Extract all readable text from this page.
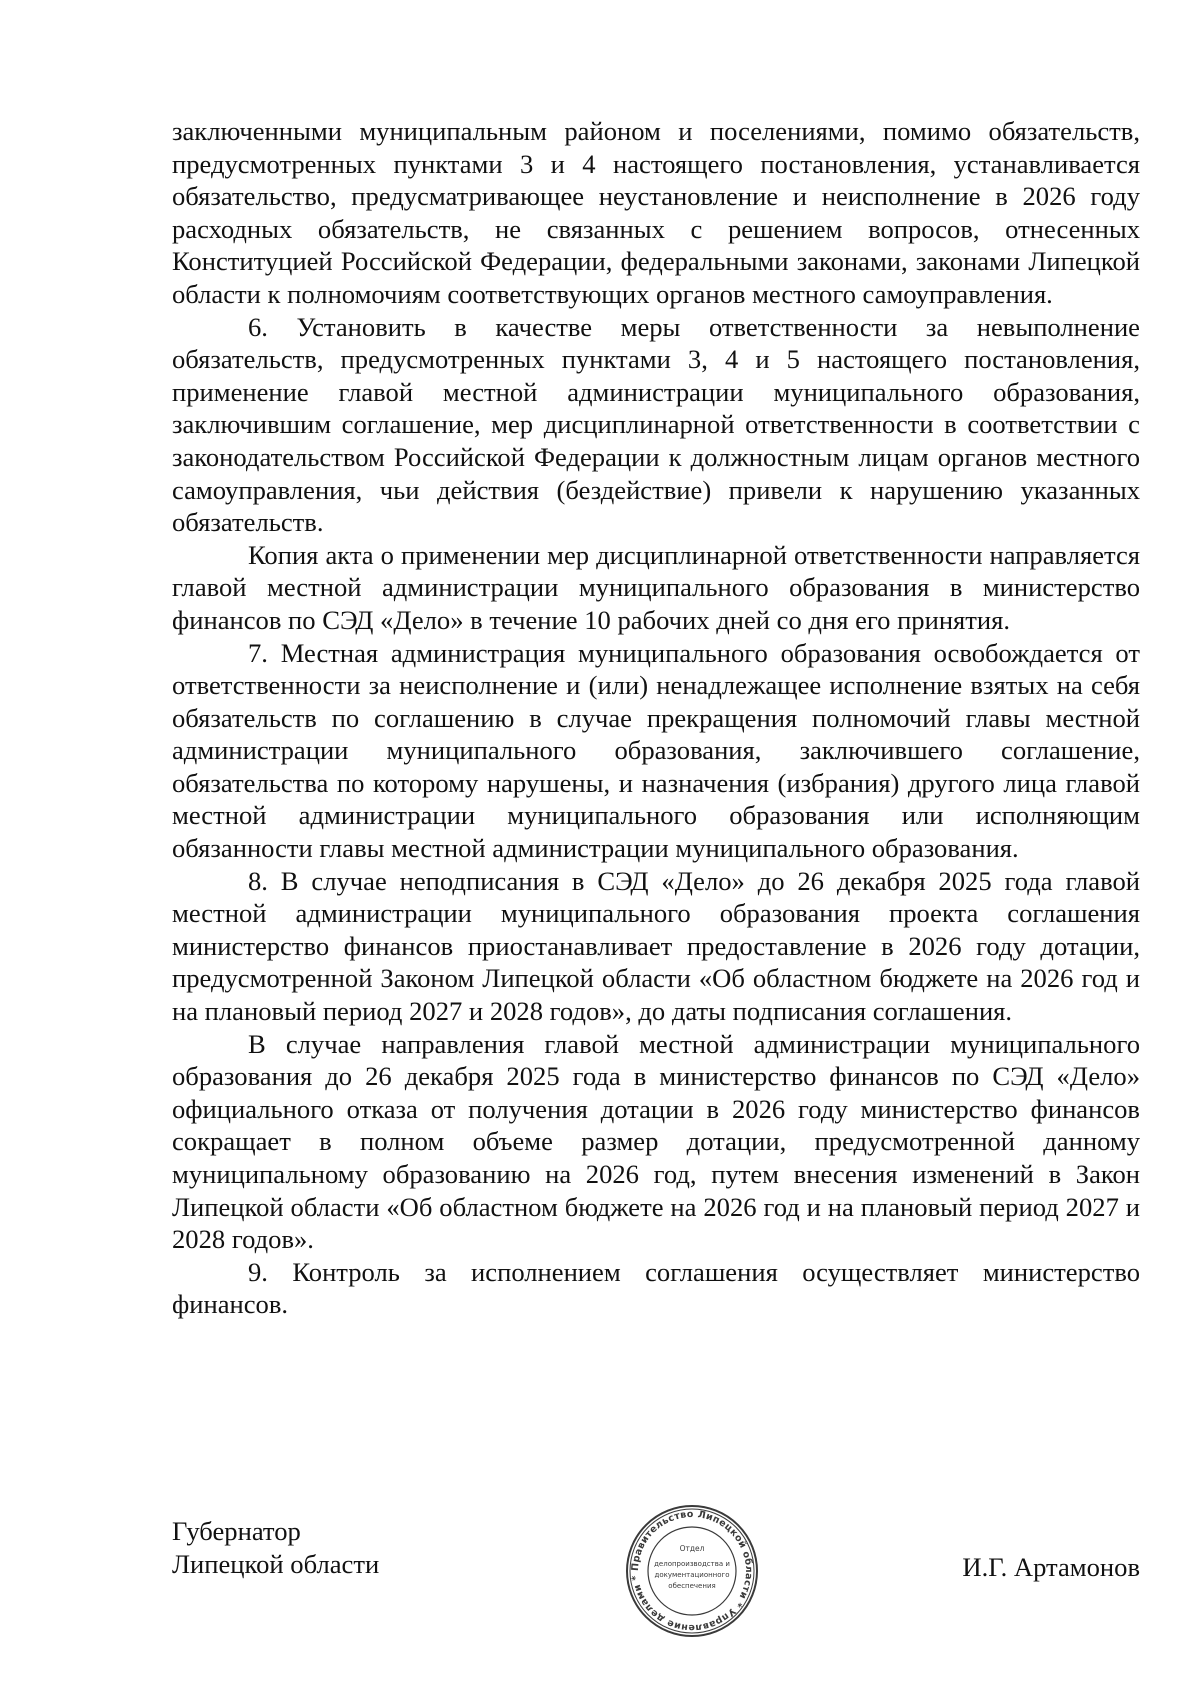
заключенными муниципальным районом и поселениями, помимо обязательств, предусмотренных пунктами 3 и 4 настоящего постановления, устанавливается обязательство, предусматривающее неустановление и неисполнение в 2026 году расходных обязательств, не связанных с решением вопросов, отнесенных Конституцией Российской Федерации, федеральными законами, законами Липецкой области к полномочиям соответствующих органов местного самоуправления.

6. Установить в качестве меры ответственности за невыполнение обязательств, предусмотренных пунктами 3, 4 и 5 настоящего постановления, применение главой местной администрации муниципального образования, заключившим соглашение, мер дисциплинарной ответственности в соответствии с законодательством Российской Федерации к должностным лицам органов местного самоуправления, чьи действия (бездействие) привели к нарушению указанных обязательств.

Копия акта о применении мер дисциплинарной ответственности направляется главой местной администрации муниципального образования в министерство финансов по СЭД «Дело» в течение 10 рабочих дней со дня его принятия.

7. Местная администрация муниципального образования освобождается от ответственности за неисполнение и (или) ненадлежащее исполнение взятых на себя обязательств по соглашению в случае прекращения полномочий главы местной администрации муниципального образования, заключившего соглашение, обязательства по которому нарушены, и назначения (избрания) другого лица главой местной администрации муниципального образования или исполняющим обязанности главы местной администрации муниципального образования.

8. В случае неподписания в СЭД «Дело» до 26 декабря 2025 года главой местной администрации муниципального образования проекта соглашения министерство финансов приостанавливает предоставление в 2026 году дотации, предусмотренной Законом Липецкой области «Об областном бюджете на 2026 год и на плановый период 2027 и 2028 годов», до даты подписания соглашения.

В случае направления главой местной администрации муниципального образования до 26 декабря 2025 года в министерство финансов по СЭД «Дело» официального отказа от получения дотации в 2026 году министерство финансов сокращает в полном объеме размер дотации, предусмотренной данному муниципальному образованию на 2026 год, путем внесения изменений в Закон Липецкой области «Об областном бюджете на 2026 год и на плановый период 2027 и 2028 годов».

9. Контроль за исполнением соглашения осуществляет министерство финансов.

Губернатор
Липецкой области	Правительство Липецкой области * Управление делами *
Отдел
делопроизводства и
документационного
обеспечения
И.Г. Артамонов
